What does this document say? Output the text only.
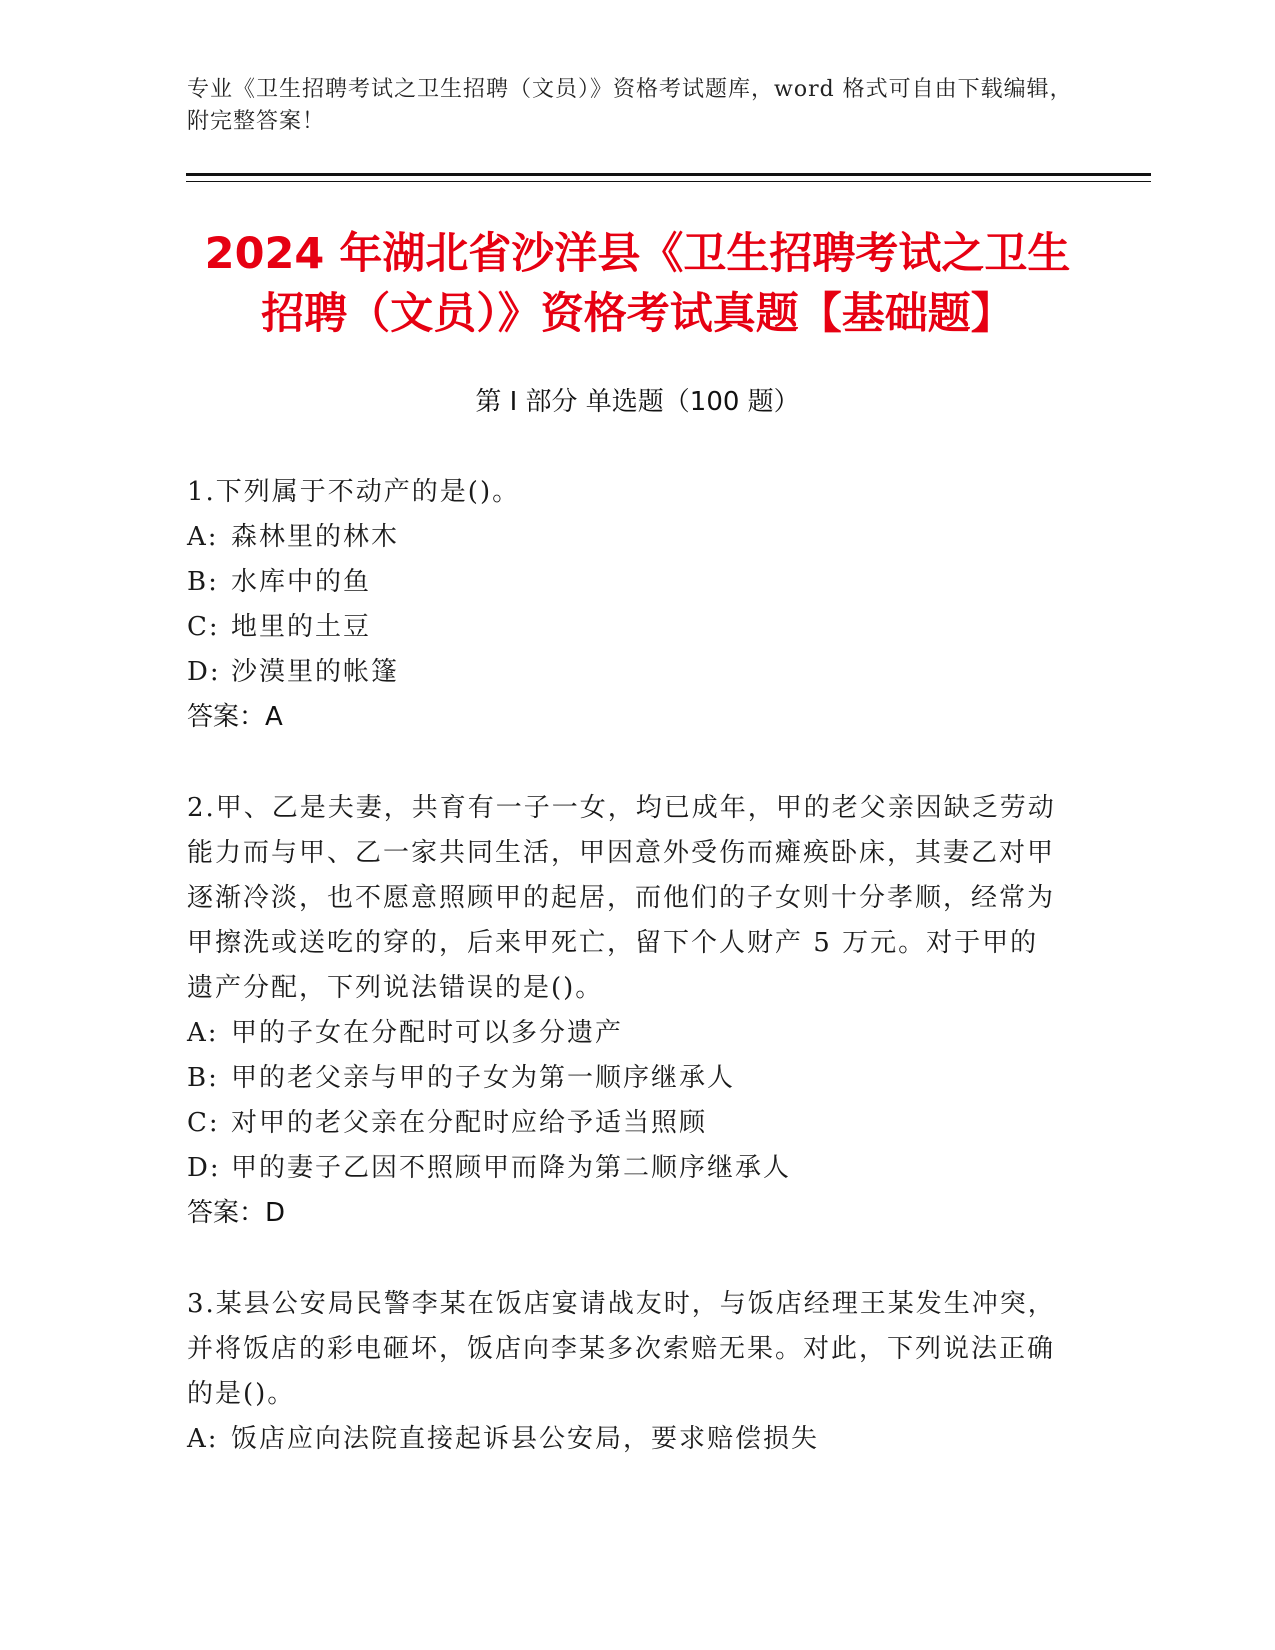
专业《卫生招聘考试之卫生招聘（文员）》资格考试题库，word 格式可自由下载编辑，附完整答案！
2024 年湖北省沙洋县《卫生招聘考试之卫生
招聘（文员）》资格考试真题【基础题】
第 I 部分 单选题（100 题）
1.下列属于不动产的是()。
A: 森林里的林木
B: 水库中的鱼
C: 地里的土豆
D: 沙漠里的帐篷
答案：A
2.甲、乙是夫妻，共育有一子一女，均已成年，甲的老父亲因缺乏劳动能力而与甲、乙一家共同生活，甲因意外受伤而瘫痪卧床，其妻乙对甲逐渐冷淡，也不愿意照顾甲的起居，而他们的子女则十分孝顺，经常为甲擦洗或送吃的穿的，后来甲死亡，留下个人财产 5 万元。对于甲的遗产分配，下列说法错误的是()。
A: 甲的子女在分配时可以多分遗产
B: 甲的老父亲与甲的子女为第一顺序继承人
C: 对甲的老父亲在分配时应给予适当照顾
D: 甲的妻子乙因不照顾甲而降为第二顺序继承人
答案：D
3.某县公安局民警李某在饭店宴请战友时，与饭店经理王某发生冲突，并将饭店的彩电砸坏，饭店向李某多次索赔无果。对此，下列说法正确的是()。
A: 饭店应向法院直接起诉县公安局，要求赔偿损失
